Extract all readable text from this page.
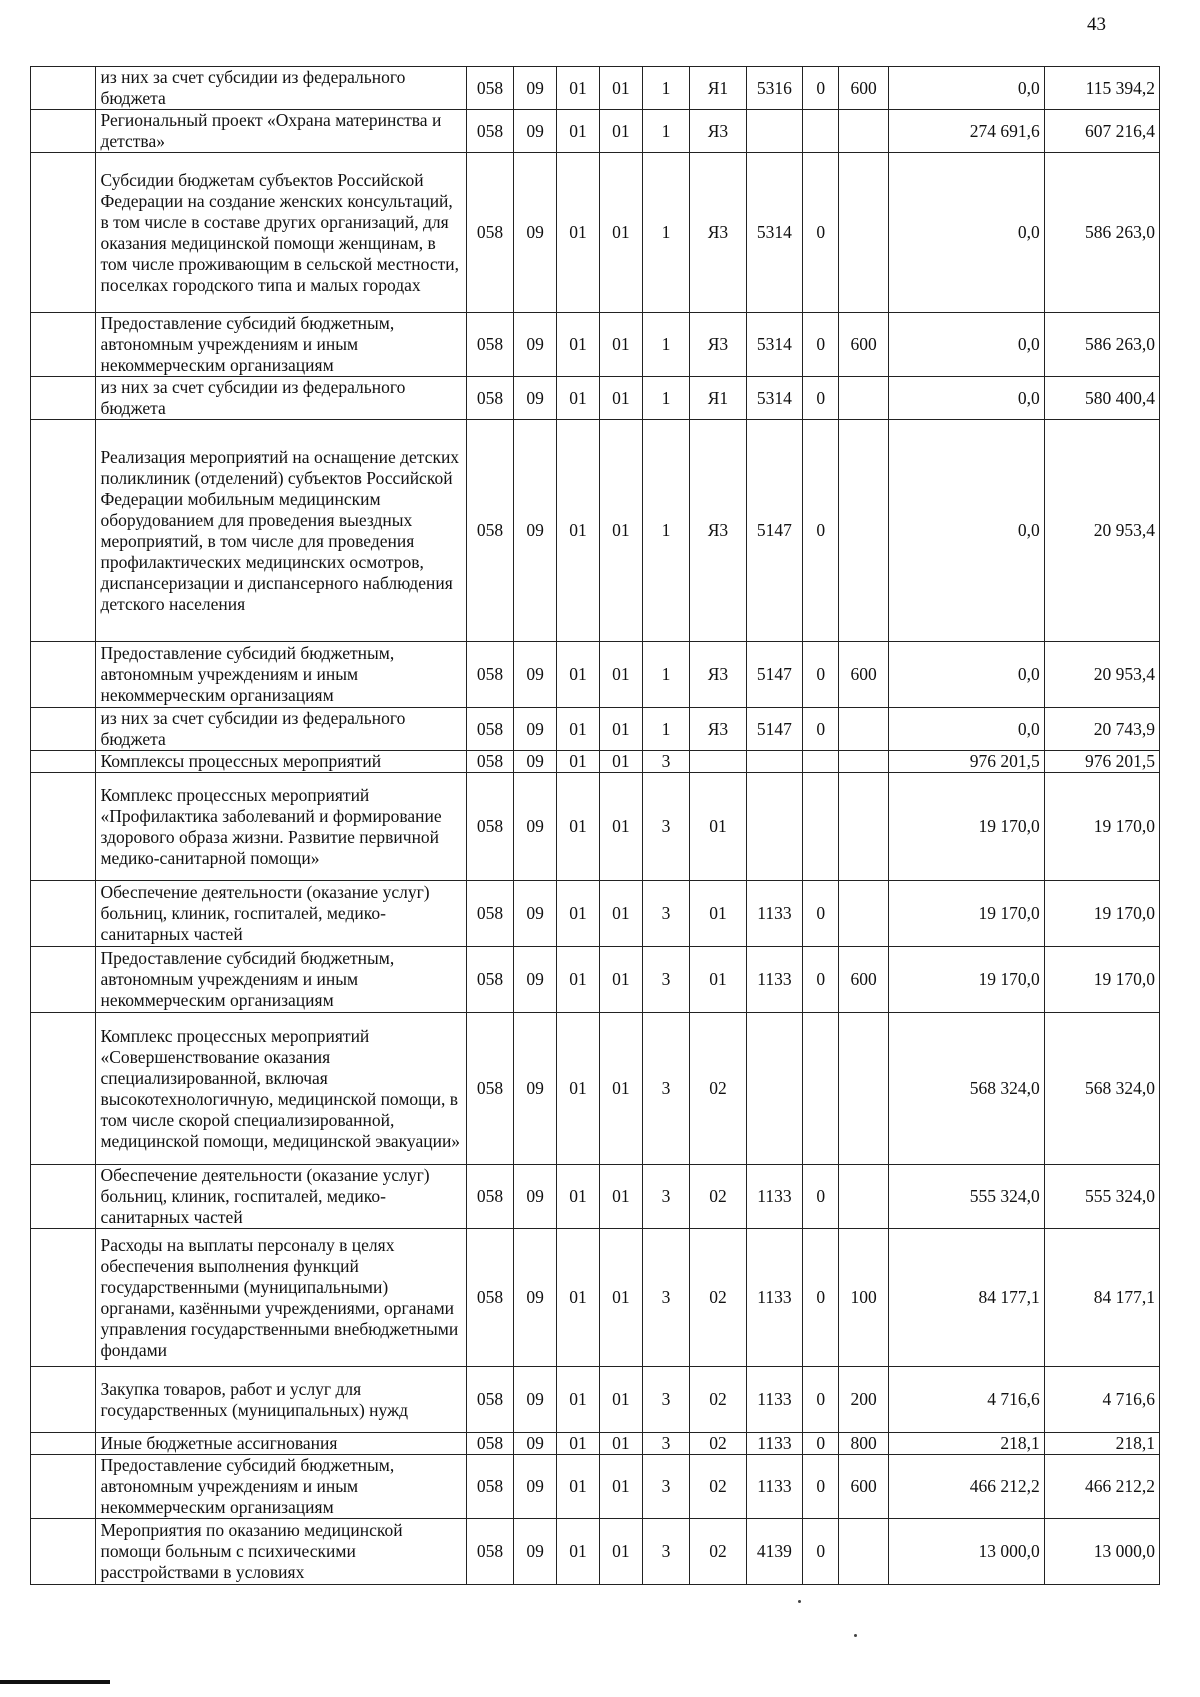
43
	из них за счет субсидии из федерального бюджета	058	09	01	01	1	Я1	5316	0	600	0,0	115 394,2
	Региональный проект «Охрана материнства и детства»	058	09	01	01	1	Я3				274 691,6	607 216,4
	Субсидии бюджетам субъектов Российской Федерации на создание женских консультаций, в том числе в составе других организаций, для оказания медицинской помощи женщинам, в том числе проживающим в сельской местности, поселках городского типа и малых городах	058	09	01	01	1	Я3	5314	0		0,0	586 263,0
	Предоставление субсидий бюджетным, автономным учреждениям и иным некоммерческим организациям	058	09	01	01	1	Я3	5314	0	600	0,0	586 263,0
	из них за счет субсидии из федерального бюджета	058	09	01	01	1	Я1	5314	0		0,0	580 400,4
	Реализация мероприятий на оснащение детских поликлиник (отделений) субъектов Российской Федерации мобильным медицинским оборудованием для проведения выездных мероприятий, в том числе для проведения профилактических медицинских осмотров, диспансеризации и диспансерного наблюдения детского населения	058	09	01	01	1	Я3	5147	0		0,0	20 953,4
	Предоставление субсидий бюджетным, автономным учреждениям и иным некоммерческим организациям	058	09	01	01	1	Я3	5147	0	600	0,0	20 953,4
	из них за счет субсидии из федерального бюджета	058	09	01	01	1	Я3	5147	0		0,0	20 743,9
	Комплексы процессных мероприятий	058	09	01	01	3					976 201,5	976 201,5
	Комплекс процессных мероприятий «Профилактика заболеваний и формирование здорового образа жизни. Развитие первичной медико-санитарной помощи»	058	09	01	01	3	01				19 170,0	19 170,0
	Обеспечение деятельности (оказание услуг) больниц, клиник, госпиталей, медико-санитарных частей	058	09	01	01	3	01	1133	0		19 170,0	19 170,0
	Предоставление субсидий бюджетным, автономным учреждениям и иным некоммерческим организациям	058	09	01	01	3	01	1133	0	600	19 170,0	19 170,0
	Комплекс процессных мероприятий «Совершенствование оказания специализированной, включая высокотехнологичную, медицинской помощи, в том числе скорой специализированной, медицинской помощи, медицинской эвакуации»	058	09	01	01	3	02				568 324,0	568 324,0
	Обеспечение деятельности (оказание услуг) больниц, клиник, госпиталей, медико-санитарных частей	058	09	01	01	3	02	1133	0		555 324,0	555 324,0
	Расходы на выплаты персоналу в целях обеспечения выполнения функций государственными (муниципальными) органами, казёнными учреждениями, органами управления государственными внебюджетными фондами	058	09	01	01	3	02	1133	0	100	84 177,1	84 177,1
	Закупка товаров, работ и услуг для государственных (муниципальных) нужд	058	09	01	01	3	02	1133	0	200	4 716,6	4 716,6
	Иные бюджетные ассигнования	058	09	01	01	3	02	1133	0	800	218,1	218,1
	Предоставление субсидий бюджетным, автономным учреждениям и иным некоммерческим организациям	058	09	01	01	3	02	1133	0	600	466 212,2	466 212,2
	Мероприятия по оказанию медицинской помощи больным с психическими расстройствами в условиях	058	09	01	01	3	02	4139	0		13 000,0	13 000,0
